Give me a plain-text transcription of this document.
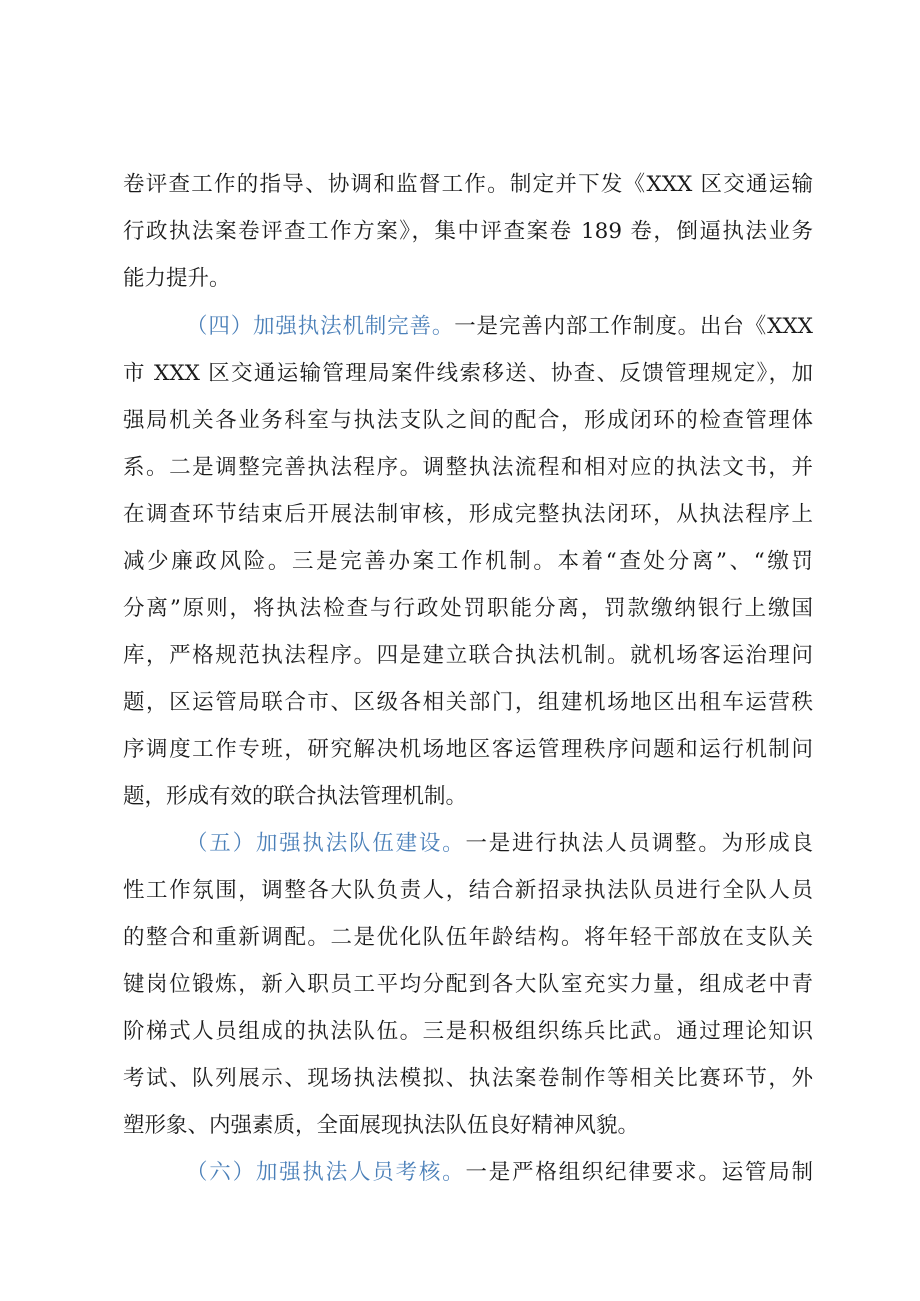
卷评查工作的指导、协调和监督工作。制定并下发《XXX 区交通运输
行政执法案卷评查工作方案》，集中评查案卷 189 卷，倒逼执法业务
能力提升。
（四）加强执法机制完善。一是完善内部工作制度。出台《XXX
市 XXX 区交通运输管理局案件线索移送、协查、反馈管理规定》，加
强局机关各业务科室与执法支队之间的配合，形成闭环的检查管理体
系。二是调整完善执法程序。调整执法流程和相对应的执法文书，并
在调查环节结束后开展法制审核，形成完整执法闭环，从执法程序上
减少廉政风险。三是完善办案工作机制。本着“查处分离”、“缴罚
分离”原则，将执法检查与行政处罚职能分离，罚款缴纳银行上缴国
库，严格规范执法程序。四是建立联合执法机制。就机场客运治理问
题，区运管局联合市、区级各相关部门，组建机场地区出租车运营秩
序调度工作专班，研究解决机场地区客运管理秩序问题和运行机制问
题，形成有效的联合执法管理机制。
（五）加强执法队伍建设。一是进行执法人员调整。为形成良
性工作氛围，调整各大队负责人，结合新招录执法队员进行全队人员
的整合和重新调配。二是优化队伍年龄结构。将年轻干部放在支队关
键岗位锻炼，新入职员工平均分配到各大队室充实力量，组成老中青
阶梯式人员组成的执法队伍。三是积极组织练兵比武。通过理论知识
考试、队列展示、现场执法模拟、执法案卷制作等相关比赛环节，外
塑形象、内强素质，全面展现执法队伍良好精神风貌。
（六）加强执法人员考核。一是严格组织纪律要求。运管局制
